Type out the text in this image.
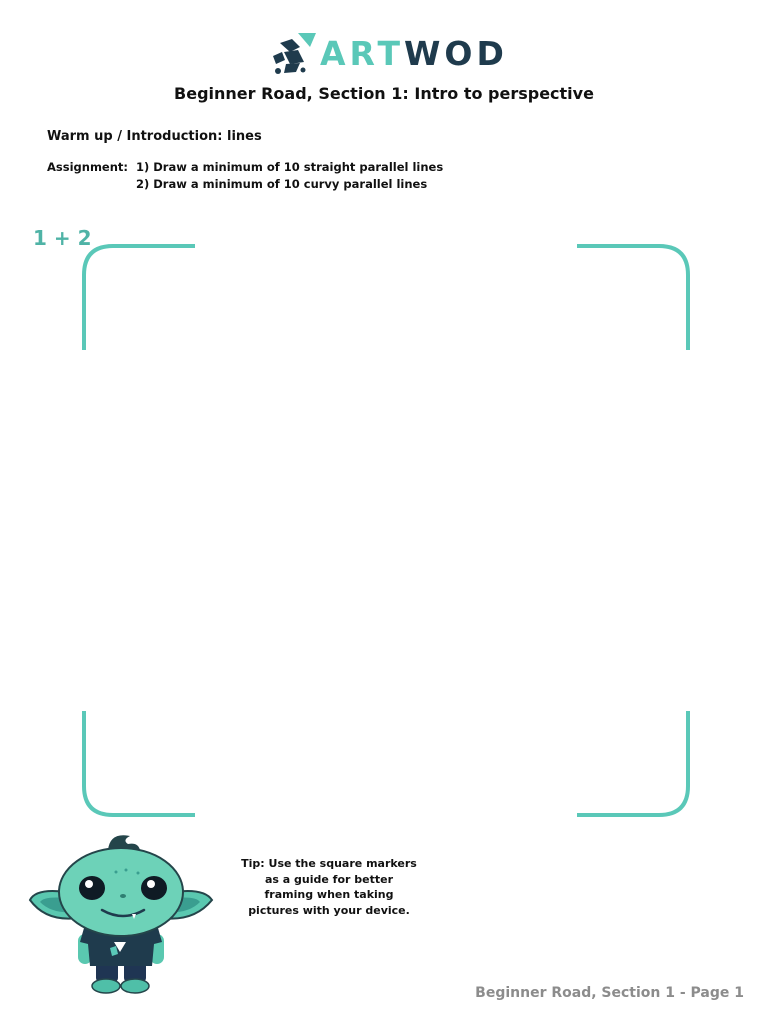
ARTWOD
Beginner Road, Section 1: Intro to perspective
Warm up / Introduction: lines
Assignment: 1) Draw a minimum of 10 straight parallel lines
2) Draw a minimum of 10 curvy parallel lines
1 + 2
Tip: Use the square markers as a guide for better framing when taking pictures with your device.
Beginner Road, Section 1 - Page 1
